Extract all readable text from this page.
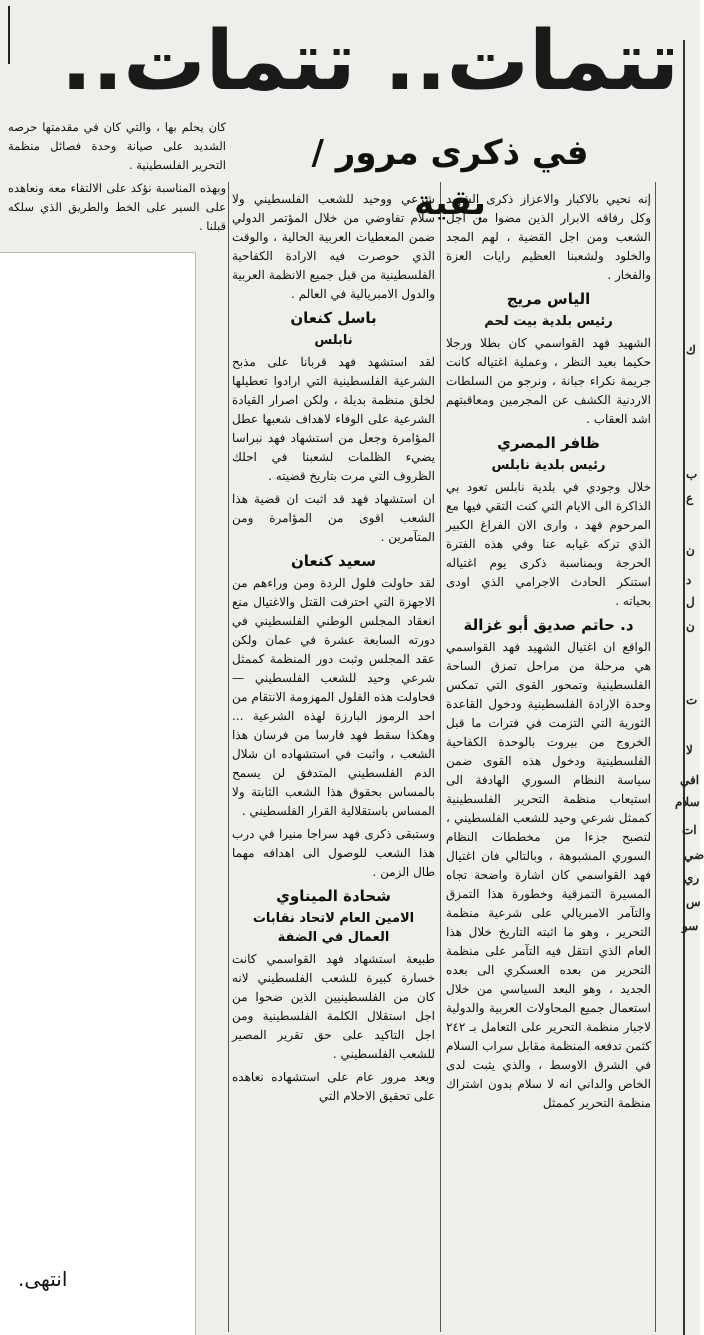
تتمات.. تتمات..
في ذكرى مرور / بقية

كان يحلم بها ، والتي كان في مقدمتها حرصه الشديد على صيانة وحدة فصائل منظمة التحرير الفلسطينية .

وبهذه المناسبة نؤكد على الالتقاء معه ونعاهده على السير على الخط والطريق الذي سلكه قبلنا .

إنه نحيي بالاكبار والاعزاز ذكرى الشهيد وكل رفاقه الابرار الذين مضوا من اجل الشعب ومن اجل القضية ، لهم المجد والخلود ولشعبنا العظيم رايات العزة والفخار .

الياس مريج
رئيس بلدية بيت لحم

الشهيد فهد القواسمي كان بطلا ورجلا حكيما بعيد النظر ، وعملية اغتياله كانت جريمة نكراء جبانة ، ونرجو من السلطات الاردنية الكشف عن المجرمين ومعاقبتهم اشد العقاب .

ظافر المصري
رئيس بلدية نابلس

خلال وجودي في بلدية نابلس تعود بي الذاكرة الى الايام التي كنت التقي فيها مع المرحوم فهد ، وارى الان الفراغ الكبير الذي تركه غيابه عنا وفي هذه الفترة الحرجة وبمناسبة ذكرى يوم اغتياله استنكر الحادث الاجرامي الذي اودى بحياته .

د. حاتم صديق أبو غزالة

الواقع ان اغتيال الشهيد فهد القواسمي هي مرحلة من مراحل تمزق الساحة الفلسطينية وتمحور القوى التي تمكس وحدة الارادة الفلسطينية ودخول القاعدة الثورية التي التزمت في فترات ما قبل الخروج من بيروت بالوحدة الكفاحية الفلسطينية ودخول هذه القوى ضمن سياسة النظام السوري الهادفة الى استيعاب منظمة التحرير الفلسطينية كممثل شرعي وحيد للشعب الفلسطيني ، لتصبح جزءا من مخططات النظام السوري المشبوهة ، وبالتالي فان اغتيال فهد القواسمي كان اشارة واضحة تجاه المسيرة التمزقية وخطورة هذا التمزق والتآمر الامبريالي على شرعية منظمة التحرير ، وهو ما اثبته التاريخ خلال هذا العام الذي انتقل فيه التآمر على منظمة التحرير من بعده العسكري الى بعده الجديد ، وهو البعد السياسي من خلال استعمال جميع المحاولات العربية والدولية لاجبار منظمة التحرير على التعامل بـ ٢٤٢ كثمن تدفعه المنظمة مقابل سراب السلام في الشرق الاوسط ، والذي يثبت لدى الخاص والداني انه لا سلام بدون اشتراك منظمة التحرير كممثل

شرعي ووحيد للشعب الفلسطيني ولا سلام تفاوضي من خلال المؤتمر الدولي ضمن المعطيات العربية الحالية ، والوقت الذي حوصرت فيه الارادة الكفاحية الفلسطينية من قبل جميع الانظمة العربية والدول الامبريالية في العالم .

باسل كنعان
نابلس

لقد استشهد فهد قربانا على مذبح الشرعية الفلسطينية التي ارادوا تعطيلها لخلق منظمة بديلة ، ولكن اصرار القيادة الشرعية على الوفاء لاهداف شعبها عطل المؤامرة وجعل من استشهاد فهد نبراسا يضيء الظلمات لشعبنا في احلك الظروف التي مرت بتاريخ قضيته .

ان استشهاد فهد قد اثبت ان قضية هذا الشعب اقوى من المؤامرة ومن المتآمرين .

سعيد كنعان

لقد حاولت فلول الردة ومن وراءهم من الاجهزة التي احترفت القتل والاغتيال منع انعقاد المجلس الوطني الفلسطيني في دورته السابعة عشرة في عمان ولكن عقد المجلس وثبت دور المنظمة كممثل شرعي وحيد للشعب الفلسطيني — فحاولت هذه الفلول المهزومة الانتقام من احد الرموز البارزة لهذه الشرعية ... وهكذا سقط فهد فارسا من فرسان هذا الشعب ، واثبت في استشهاده ان شلال الدم الفلسطيني المتدفق لن يسمح بالمساس بحقوق هذا الشعب الثابتة ولا المساس باستقلالية القرار الفلسطيني .

وستبقى ذكرى فهد سراجا منيرا في درب هذا الشعب للوصول الى اهدافه مهما طال الزمن .

شحادة الميناوي
الامين العام لاتحاد نقابات العمال في الضفة

طبيعة استشهاد فهد القواسمي كانت خسارة كبيرة للشعب الفلسطيني لانه كان من الفلسطينيين الذين ضحوا من اجل استقلال الكلمة الفلسطينية ومن اجل التاكيد على حق تقرير المصير للشعب الفلسطيني .

وبعد مرور عام على استشهاده نعاهده على تحقيق الاحلام التي

ك
ب
ع
ن
د
ل
ن
ت
لا
افي
سلام
ات
ضي
ري
س
سو
انتهى.
